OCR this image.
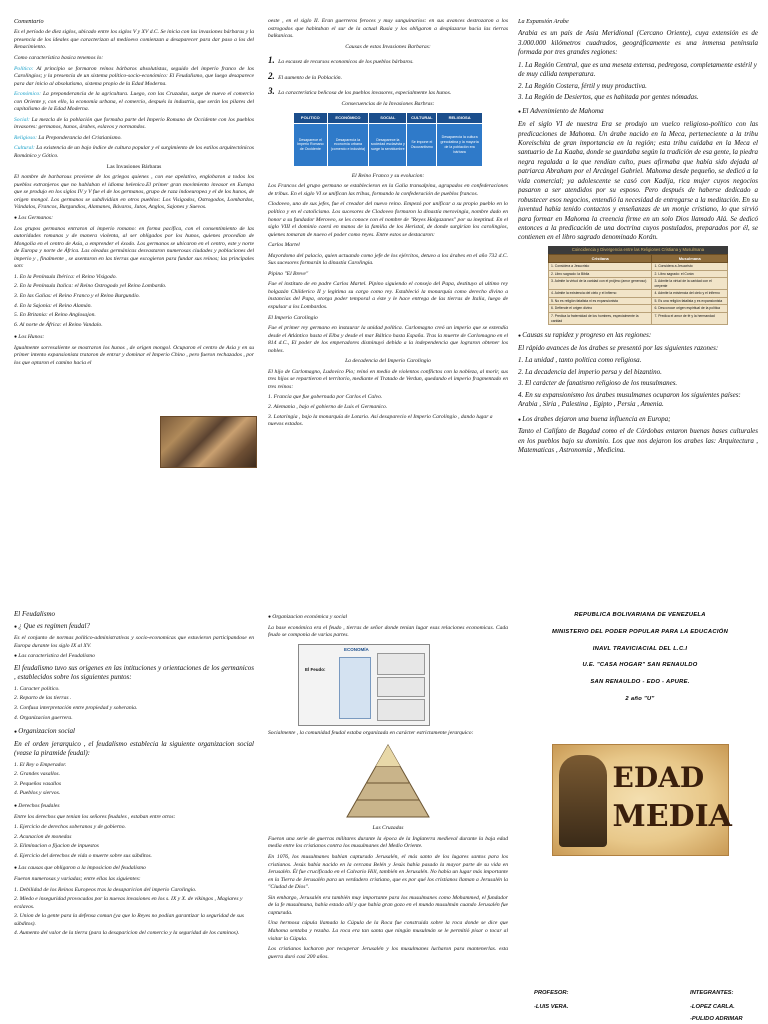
Comentario

Es el período de diez siglos, ubicado entre los siglos V y XV d.C. Se inicia con las invasiones bárbaras y la presencia de los ideales que caracterizan al medioevo comienzan a desaparecer para dar paso a los del Renacimiento.

Como característica basica tenemos lo:

Político: Al principio se formaron reinos bárbaros absolutistas, seguido del imperio franco de los Carolingios; y la presencia de un sistema político-socio-económico: El Feudalismo, que luego desaparece para dar inicio al absolutismo, sistema propio de la Edad Moderna.

Económico: La preponderancia de la agricultura. Luego, con las Cruzadas, surge de nuevo el comercio con Oriente y, con ello, la economía urbana, el comercio, después la industria, que serán los pilares del capitalismo de la Edad Moderna.

Social: La mezcla de la población que formaba parte del Imperio Romano de Occidente con los pueblos invasores: germanos, hunos, árabes, eslavos y normandos.

Religioso: La Preponderancia del Cristianismo.

Cultural: La existencia de un bajo índice de cultura popular y el surgimiento de los estilos arquitectónicos Románico y Gótico.

Las Invasiones Bárbaras

El nombre de barbarous proviene de los griegos quienes , con ese apelativo, englobaron a todos los pueblos extranjeros que no hablaban el idioma helenico.El primer gran movimiento invasor en Europa que se produjo en los siglos IV y V fue el de los germanos, grupo de raza indoeuropea y el de los hunos, de origen mongol. Los germanos se subdividían en otros pueblos: Los Visigodos, Ostrogodos, Lombardos, Vándalos, Francos, Burgundios, Alamanes, Bávaros, Jutos, Anglos, Sajones y Suevos.

● Los Germanos:

Los grupos germanos entraron al imperio romano: en forma pacífica, con el consentimiento de las autoridades romanas y de manera violenta, al ser obligados por los hunos, quienes procedían de Mongolia en el centro de Asia, a emprender el éxodo. Los germanos se ubicaron en el centro, este y norte de Europa y norte de África. Las oleadas germánicas desvastaron numerosas ciudades y poblaciones del imperio y , finalmente , se asentaron en las tierras que escogieron para fundar sus reinos; las principales son:

1. En la Península Ibérica: el Reino Visigodo.
2. En la Península Italica: el Reino Ostrogodo yel Reino Lombardo.
3. En las Galias: el Reino Franco y el Reino Burgundio.
4. En la Sajonia: el Reino Alamán.
5. En Britania: el Reino Anglosajon.
6. Al norte de África: el Reino Vandalo.

● Los Hunos:

Igualmente sorresaliente se mostraron los hunos , de origen mongol. Ocuparon el centro de Asia y en su primer intento expansionista trataron de entrar y dominar el Imperio Chino , pero fueron rechazados , por los que optaron el camino hacia el

oeste , en el siglo II. Eran guerreros feroces y muy sanguinarios: en sus avances destrozaron a los ostrogodos que habitaban el sur de la actual Rusia y los obligaron a desplazarse hacia las tierras balkanicas.

Causas de estas Invasiones Barbaras:

1. La escasez de recursos economicos de los pueblos bárbaros.

2. El aumento de la Población.

3. La característica belicosa de los pueblos invasores, especialmente las hunos.

Consecuencias de la Invasiones Barbras:

POLITICO	ECONÓMICO	SOCIAL	CULTURAL	RELIGIOSA
Desaparece el Imperio Romano de Occidente	Desaparecía la economía urbana (comercio e industria)	Desaparece la sociedad esclavista y surge la servidumbre	Se impone el Oscurantismo	Desaparecía la cultura grecolatina y la mayoría de la población era bárbara

El Reino Franco y su evolucion:

Los Francos del grupo germano se establecieron en la Galia transalpina, agrupados en confederaciones de tribus. En el siglo VI se unifican las tribus, formando la confederación de pueblos francos.

Clodoveo, uno de sus jefes, fue el creador del nuevo reino. Empezó por unificar a su propio pueblo en lo político y en el catolicismo. Los sucesores de Clodoveo formaron la dinastía merovingia, nombre dado en honor a su fundador Meroveo, se les conoce con el nombre de "Reyes Holgazanes" por su ineptitud. En el siglo VIII el dominio caerá en manos de la familia de los Heristal, de donde surgirían los carolingios, quienes tomaran de nuevo el poder como reyes. Entre estos se destacaron:

Carlos Martel

Mayordomo del palacio, quien actuando como jefe de los ejércitos, detuvo a los árabes en el año 732 d.C. Sus sucesores formarán la dinastía Carolingia.

Pipino "El Breve"

Fue el instituto de en padre Carlos Martel. Pipino siguiendo el consejo del Papa, destituyo al ultimo rey holgazán Childerico II y legitima su cargo como rey. Estableció la monarquía como derecho divino a instancias del Papa, otorga poder temporal a éste y le hace entrega de las tierras de Italia, luego de expulsar a los Lombardos.

El Imperio Carolingio

Fue el primer rey germano en instaurar la unidad política. Carlomagno creó un imperio que se extendía desde el Atlántico hasta el Elba y desde el mar Báltico hasta España. Tras la muerte de Carlomagno en el 814 d.C., El poder de los emperadores disminuyó debido a la independencia que lograron obtener los nobles.

La decadencia del Imperio Carolingio

El hijo de Carlomagno, Ludovico Pio; reinó en medio de violentos conflictos con la nobleza, al morir, sus tres hijos se repartieron el territorio, mediante el Tratado de Verdun, quedando el imperio fragmentado en tres reinos:

1. Francia que fue gobernada por Carlos el Calvo.
2. Alemania , bajo el gobierno de Luis el Germanico.
3. Lotaringia , bajo la monarquía de Lotario. Así desaparecio el Imperio Carolingio , dando lugar a nuevos estados.

La Expansión Arabe

Arabia es un país de Asia Meridional (Cercano Oriente), cuya extensión es de 3.000.000 kilómetros cuadrados, geográficamente es una inmensa península formada por tres grandes regiones:

1. La Región Central, que es una meseta extensa, pedregosa, completamente estéril y de muy cálida temperatura.
2. La Región Costera, fértil y muy productiva.
3. La Región de Desiertos, que es habitada por gentes nómadas.

● El Advenimiento de Mahoma

En el siglo VI de nuestra Era se produjo un vuelco religioso-político con las predicaciones de Mahoma. Un árabe nacido en la Meca, perteneciente a la tribu Koreischita de gran importancia en la región; esta tribu cuidaba en la Meca el santuario de La Kaaba, donde se guardaba según la tradición de esa gente, la piedra negra regalada a la que rendían culto, pues afirmaba que había sido dejada al patriarca Abraham por el Arcángel Gabriel. Mahoma desde pequeño, se dedicó a la vida comercial; ya adolescente se casó con Kadija, rica mujer cuyos negocios pasaron a ser atendidos por su esposo. Pero después de haberse dedicado a robustecer esos negocios, entendió la necesidad de entregarse a la meditación. En su juventud había tenido contactos y enseñanzas de un monje cristiano, lo que sirvió para formar en Mahoma la creencia firme en un solo Dios llamado Alá. Se dedicó entonces a la predicación de una doctrina cuyos postulados, preparados por él, se contienen en el libro sagrado denominado Korán.

Coincidencia y Divergencia entre las Religiones Cristiana y Musulmana
Cristiana	Musulmana
1. Considera a Jesucristo	1. Considera a Jesucristo
2. Libro sagrado: la Biblia	2. Libro sagrado: el Corán
3. Admite la virtud de la caridad con el prójimo (amor generoso)	3. Admite la virtud de la caridad con el creyente
4. Admite la existencia del cielo y el infierno	4. Admite la existencia del cielo y el infierno
5. No es religión fatalista ni es expansionista	5. Es una religión fatalista y es expansionista
6. Defiende el origen divino	6. Desconoce origen espiritual de la política
7. Predica la fraternidad de los hombres, especialmente la caridad	7. Predica el amor de fé y la hermandad

● Causas su rapidez y progreso en las regiones:

El rápido avances de los árabes se presentó por las siguientes razones:

1. La unidad , tanto politica como religiosa.
2. La decadencia del imperio persa y del bizantino.
3. El carácter de fanatismo religioso de los musulmanes.
4. En su expansionismo los árabes musulmanes ocuparon los siguientes países: Arabia , Siria , Palestina , Egipto , Persia , Amenia.

● Los árabes dejaron una buena influencia en Europa;

Tanto el Califato de Bagdad como el de Córdobas entaron buenas bases culturales en los pueblos bajo su dominio. Los que nos dejaron los arabes las: Arquitectura , Matematicas , Astronomía , Medicina.

El Feudalismo

● ¿ Que es regimen feudal?

Es el conjunto de normas político-administrativas y socio-economicas que estuvieron participandose en Europa durante los siglo IX al XV.

● Las caracteristica del Feudalismo

El feudalismo tuvo sus origenes en las intituciones y orientaciones de los germanicos , establecidos sobre los siguientes puntos:

1. Caracter político.
2. Reparto de las tierras .
3. Confusa interpretación entre propiedad y soberania.
4. Organizacion guerrera.

● Organizacion social

En el orden jerarquico , el feudalismo establecia la siguiente organizacion social (vease la piramide feudal):

1. El Rey o Emperador.
2. Grandes vasallos.
3. Pequeños vasallos
4. Pueblos y siervos.

● Derechos feudales

Entre los derechos que tenian los señores feudales , estaban entre otros:

1. Ejercicio de derechos soberanos y de gobierno.
2. Acunacion de monedas
3. Eliminacion o fijacion de inpuestos
4. Ejercicio del derechos de vida o muerte sobre sus súbditos.

● Las causas que obligaron a la imposicion del feudalismo

Fueron numerosas y variadas; entre ellas las siguientes:

1. Debilidad de los Reinos Europeos tras la desaparicion del imperio Carolingio.
2. Miedo e inseguridad provocados por la nuevas invasiones en los s. IX y X. de vikingos , Magiares y ecslavos.
3. Union de la gente para la defensa comun (ya que lo Reyes no podian garantizar la seguridad de sus súbditos).
4. Aumento del valor de la tierra (para la desaparicion del comercio y la seguridad de los caminos).

● Organizacion económica y social

La base económica era el feudo , tierras de señor donde tenian lugar esas relaciones economicas. Cada feudo se componia de varias partes.

ECONOMÍA
El Feudo:

Socialmente , la comunidad feudal estaba organizada en carácter estrictamente jerarquico:

Las Cruzadas

Fueron una serie de guerras militares durante la época de la Inglaterra medieval durante la baja edad media entre los cristianos contra los musulmanes del Medio Oriente.

En 1076, los musulmanes habian capturado Jerusalén, el más santo de los lugares santos para los cristianos. Jesús había nacido en la cercana Belén y Jesús había pasado la mayor parte de su vida en Jerusalén. Él fue crucificado en el Calvario Hill, también en Jerusalén. No había un lugar más importante en la Tierra de Jerusalén para un verdadero cristiano, que es por qué los cristianos llaman a Jerusalén la "Ciudad de Dios".

Sin embargo, Jerusalén era también muy importante para los musulmanes como Mohammed, el fundador de la fe musulmana, había estado allí y que había gran gozo en el mundo musulmán cuando Jerusalén fue capturada.

Una hermosa cúpula llamada la Cúpula de la Roca fue construida sobre la roca donde se dice que Mahoma sentaba y rezaba. La roca era tan santa que ningún musulmán se le permitió pisar o tocar al visitar la Cúpula.

Los cristianos lucharon por recuperar Jerusalén y los musulmanes lucharon para mantenerlas. esta guerra duró casi 200 años.

REPÚBLICA BOLIVARIANA DE VENEZUELA

MINISTERIO DEL PODER POPULAR PARA LA EDUCACIÓN

INAVL TRAVICIACIAL DEL L.C.I

U.E. "CASA HOGAR" SAN RENAULDO

SAN RENAULDO - EDO - APURE.

2 año "U"

EDAD
MEDIA
PROFESOR:
-LUIS VERA.
INTEGRANTES:
-LOPEZ CARLA.
-PULIDO ADRIMAR
